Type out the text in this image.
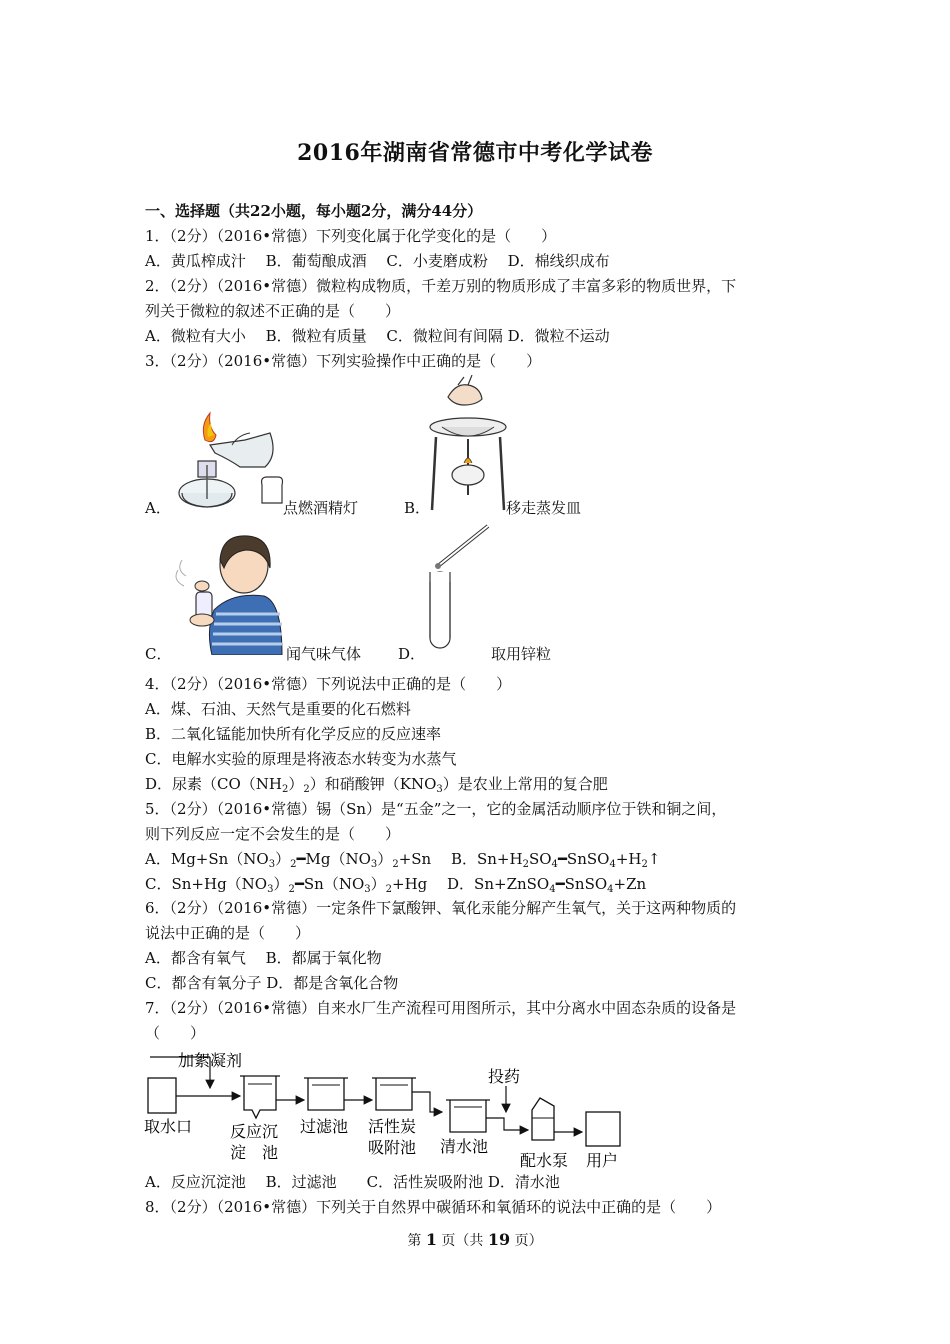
2016年湖南省常德市中考化学试卷
一、选择题（共22小题，每小题2分，满分44分）
1．（2分）（2016•常德）下列变化属于化学变化的是（　　）
A．黄瓜榨成汁　 B．葡萄酿成酒　 C．小麦磨成粉　 D．棉线织成布
2．（2分）（2016•常德）微粒构成物质，千差万别的物质形成了丰富多彩的物质世界，下
列关于微粒的叙述不正确的是（　　）
A．微粒有大小　 B．微粒有质量　 C．微粒间有间隔 D．微粒不运动
3．（2分）（2016•常德）下列实验操作中正确的是（　　）
A．	点燃酒精灯	B．	移走蒸发皿
C．	闻气味气体 D．	取用锌粒
4．（2分）（2016•常德）下列说法中正确的是（　　）
A．煤、石油、天然气是重要的化石燃料
B．二氧化锰能加快所有化学反应的反应速率
C．电解水实验的原理是将液态水转变为水蒸气
D．尿素$(CO(NH_2)_2)$和硝酸钾$(KNO_3)$是农业上常用的复合肥
5．（2分）（2016•常德）锡（Sn）是“五金”之一，它的金属活动顺序位于铁和铜之间，
则下列反应一定不会发生的是（　　）
A．$Mg+Sn(NO_3)_2━Mg(NO_3)_2+Sn$　 B．$Sn+H_2SO_4━SnSO_4+H_2↑$
C．$Sn+Hg(NO_3)_2━Sn(NO_3)_2+Hg$　 D．Sn+ZnSO$_4$━SnSO$_4$+Zn
6．（2分）（2016•常德）一定条件下氯酸钾、氧化汞能分解产生氧气，关于这两种物质的
说法中正确的是（　　）
A．都含有氧气　 B．都属于氧化物
C．都含有氧分子 D．都是含氧化合物
7．（2分）（2016•常德）自来水厂生产流程可用图所示，其中分离水中固态杂质的设备是
（　　）
加絮凝剂
取水口 反应沉
淀　池
过滤池 活性炭
吸附池 清水池
投药
配水泵 用户
A．反应沉淀池　 B．过滤池　　C．活性炭吸附池 D．清水池
8．（2分）（2016•常德）下列关于自然界中碳循环和氧循环的说法中正确的是（　　）
第 1 页（共 19 页）
